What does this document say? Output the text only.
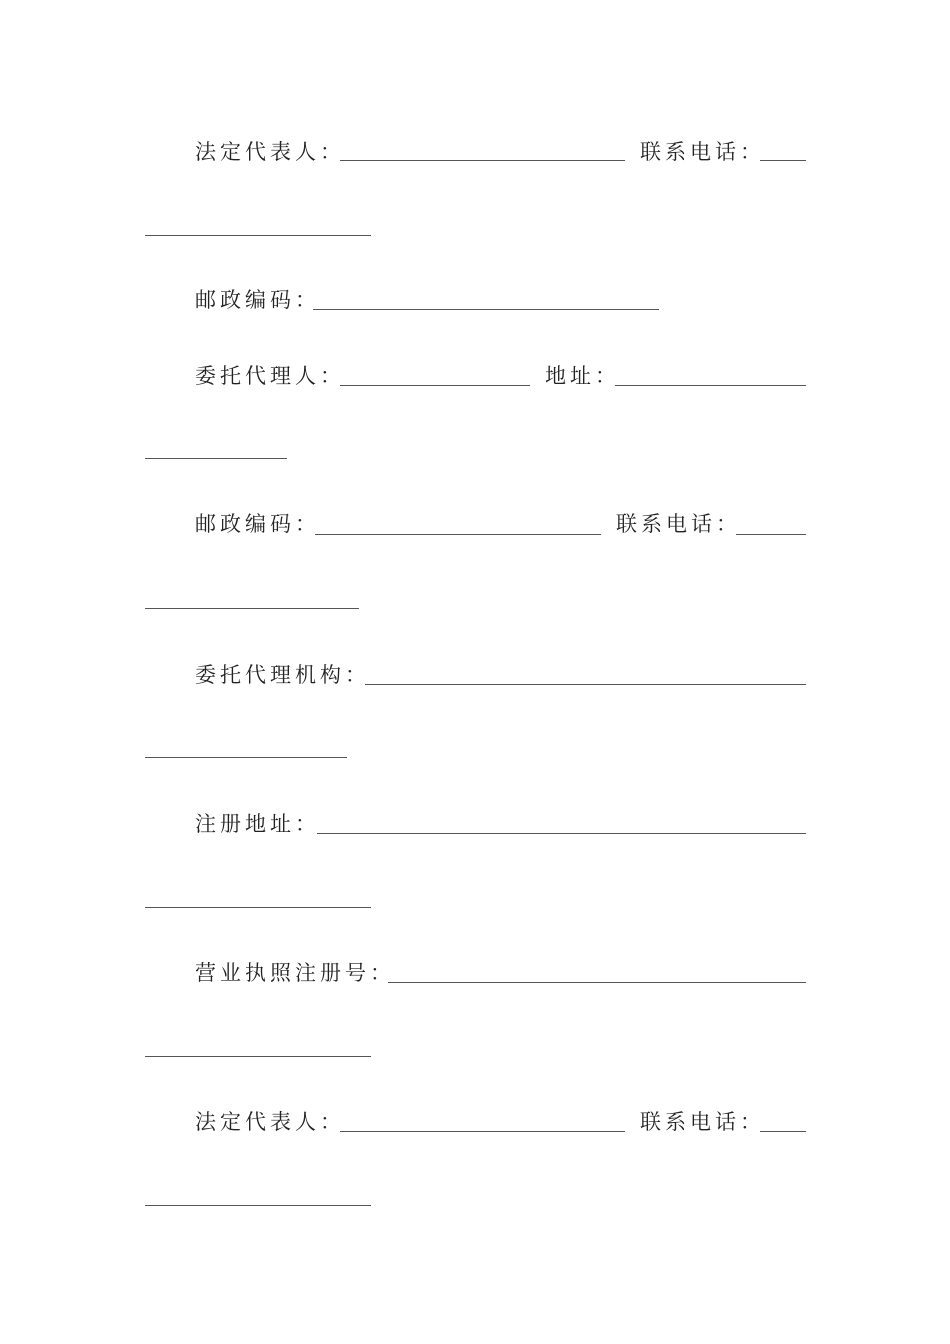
法定代表人：	联系电话：
邮政编码：
委托代理人：	地址：
邮政编码：	联系电话：
委托代理机构：
注册地址：
营业执照注册号：
法定代表人：	联系电话：
